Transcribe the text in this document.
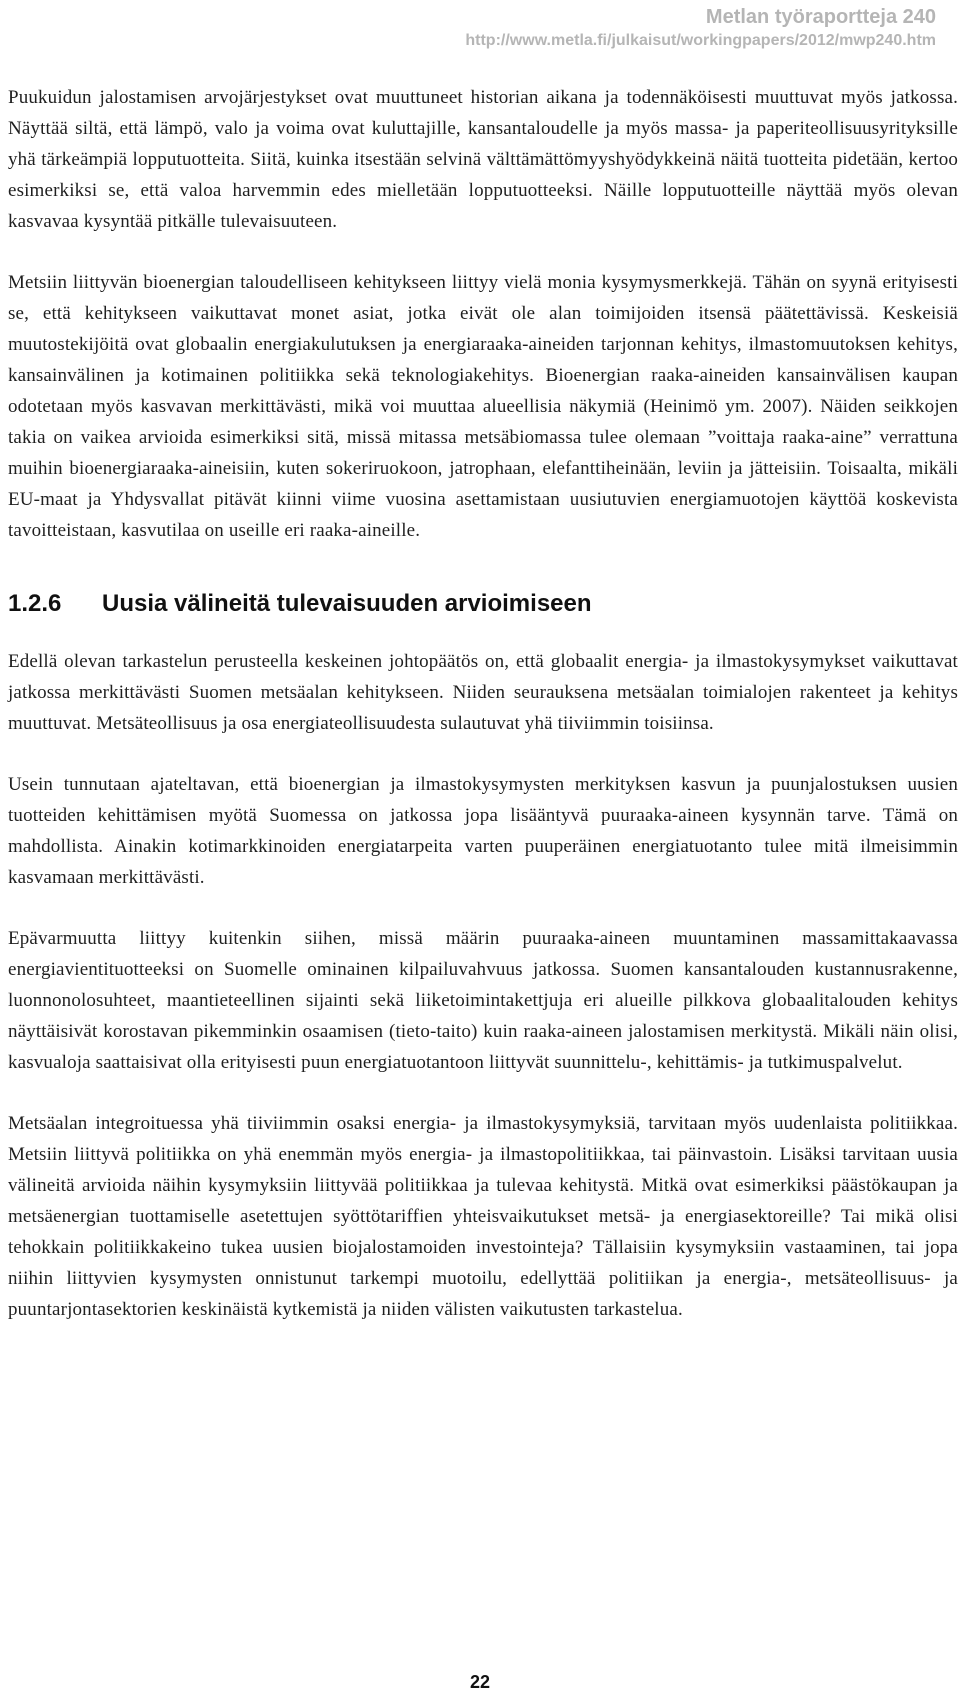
Metlan työraportteja 240
http://www.metla.fi/julkaisut/workingpapers/2012/mwp240.htm

Puukuidun jalostamisen arvojärjestykset ovat muuttuneet historian aikana ja todennäköisesti muuttuvat myös jatkossa. Näyttää siltä, että lämpö, valo ja voima ovat kuluttajille, kansantaloudelle ja myös massa- ja paperiteollisuusyrityksille yhä tärkeämpiä lopputuotteita. Siitä, kuinka itsestään selvinä välttämättömyyshyödykkeinä näitä tuotteita pidetään, kertoo esimerkiksi se, että valoa harvemmin edes mielletään lopputuotteeksi. Näille lopputuotteille näyttää myös olevan kasvavaa kysyntää pitkälle tulevaisuuteen.

Metsiin liittyvän bioenergian taloudelliseen kehitykseen liittyy vielä monia kysymysmerkkejä. Tähän on syynä erityisesti se, että kehitykseen vaikuttavat monet asiat, jotka eivät ole alan toimijoiden itsensä päätettävissä. Keskeisiä muutostekijöitä ovat globaalin energiakulutuksen ja energiaraaka-aineiden tarjonnan kehitys, ilmastomuutoksen kehitys, kansainvälinen ja kotimainen politiikka sekä teknologiakehitys. Bioenergian raaka-aineiden kansainvälisen kaupan odotetaan myös kasvavan merkittävästi, mikä voi muuttaa alueellisia näkymiä (Heinimö ym. 2007). Näiden seikkojen takia on vaikea arvioida esimerkiksi sitä, missä mitassa metsäbiomassa tulee olemaan ”voittaja raaka-aine” verrattuna muihin bioenergiaraaka-aineisiin, kuten sokeriruokoon, jatrophaan, elefanttiheinään, leviin ja jätteisiin. Toisaalta, mikäli EU-maat ja Yhdysvallat pitävät kiinni viime vuosina asettamistaan uusiutuvien energiamuotojen käyttöä koskevista tavoitteistaan, kasvutilaa on useille eri raaka-aineille.

1.2.6 Uusia välineitä tulevaisuuden arvioimiseen

Edellä olevan tarkastelun perusteella keskeinen johtopäätös on, että globaalit energia- ja ilmastokysymykset vaikuttavat jatkossa merkittävästi Suomen metsäalan kehitykseen. Niiden seurauksena metsäalan toimialojen rakenteet ja kehitys muuttuvat. Metsäteollisuus ja osa energiateollisuudesta sulautuvat yhä tiiviimmin toisiinsa.

Usein tunnutaan ajateltavan, että bioenergian ja ilmastokysymysten merkityksen kasvun ja puunjalostuksen uusien tuotteiden kehittämisen myötä Suomessa on jatkossa jopa lisääntyvä puuraaka-aineen kysynnän tarve. Tämä on mahdollista. Ainakin kotimarkkinoiden energiatarpeita varten puuperäinen energiatuotanto tulee mitä ilmeisimmin kasvamaan merkittävästi.

Epävarmuutta liittyy kuitenkin siihen, missä määrin puuraaka-aineen muuntaminen massamittakaavassa energiavientituotteeksi on Suomelle ominainen kilpailuvahvuus jatkossa. Suomen kansantalouden kustannusrakenne, luonnonolosuhteet, maantieteellinen sijainti sekä liiketoimintakettjuja eri alueille pilkkova globaalitalouden kehitys näyttäisivät korostavan pikemminkin osaamisen (tieto-taito) kuin raaka-aineen jalostamisen merkitystä. Mikäli näin olisi, kasvualoja saattaisivat olla erityisesti puun energiatuotantoon liittyvät suunnittelu-, kehittämis- ja tutkimuspalvelut.

Metsäalan integroituessa yhä tiiviimmin osaksi energia- ja ilmastokysymyksiä, tarvitaan myös uudenlaista politiikkaa. Metsiin liittyvä politiikka on yhä enemmän myös energia- ja ilmastopolitiikkaa, tai päinvastoin. Lisäksi tarvitaan uusia välineitä arvioida näihin kysymyksiin liittyvää politiikkaa ja tulevaa kehitystä. Mitkä ovat esimerkiksi päästökaupan ja metsäenergian tuottamiselle asetettujen syöttötariffien yhteisvaikutukset metsä- ja energiasektoreille? Tai mikä olisi tehokkain politiikkakeino tukea uusien biojalostamoiden investointeja? Tällaisiin kysymyksiin vastaaminen, tai jopa niihin liittyvien kysymysten onnistunut tarkempi muotoilu, edellyttää politiikan ja energia-, metsäteollisuus- ja puuntarjontasektorien keskinäistä kytkemistä ja niiden välisten vaikutusten tarkastelua.

22
